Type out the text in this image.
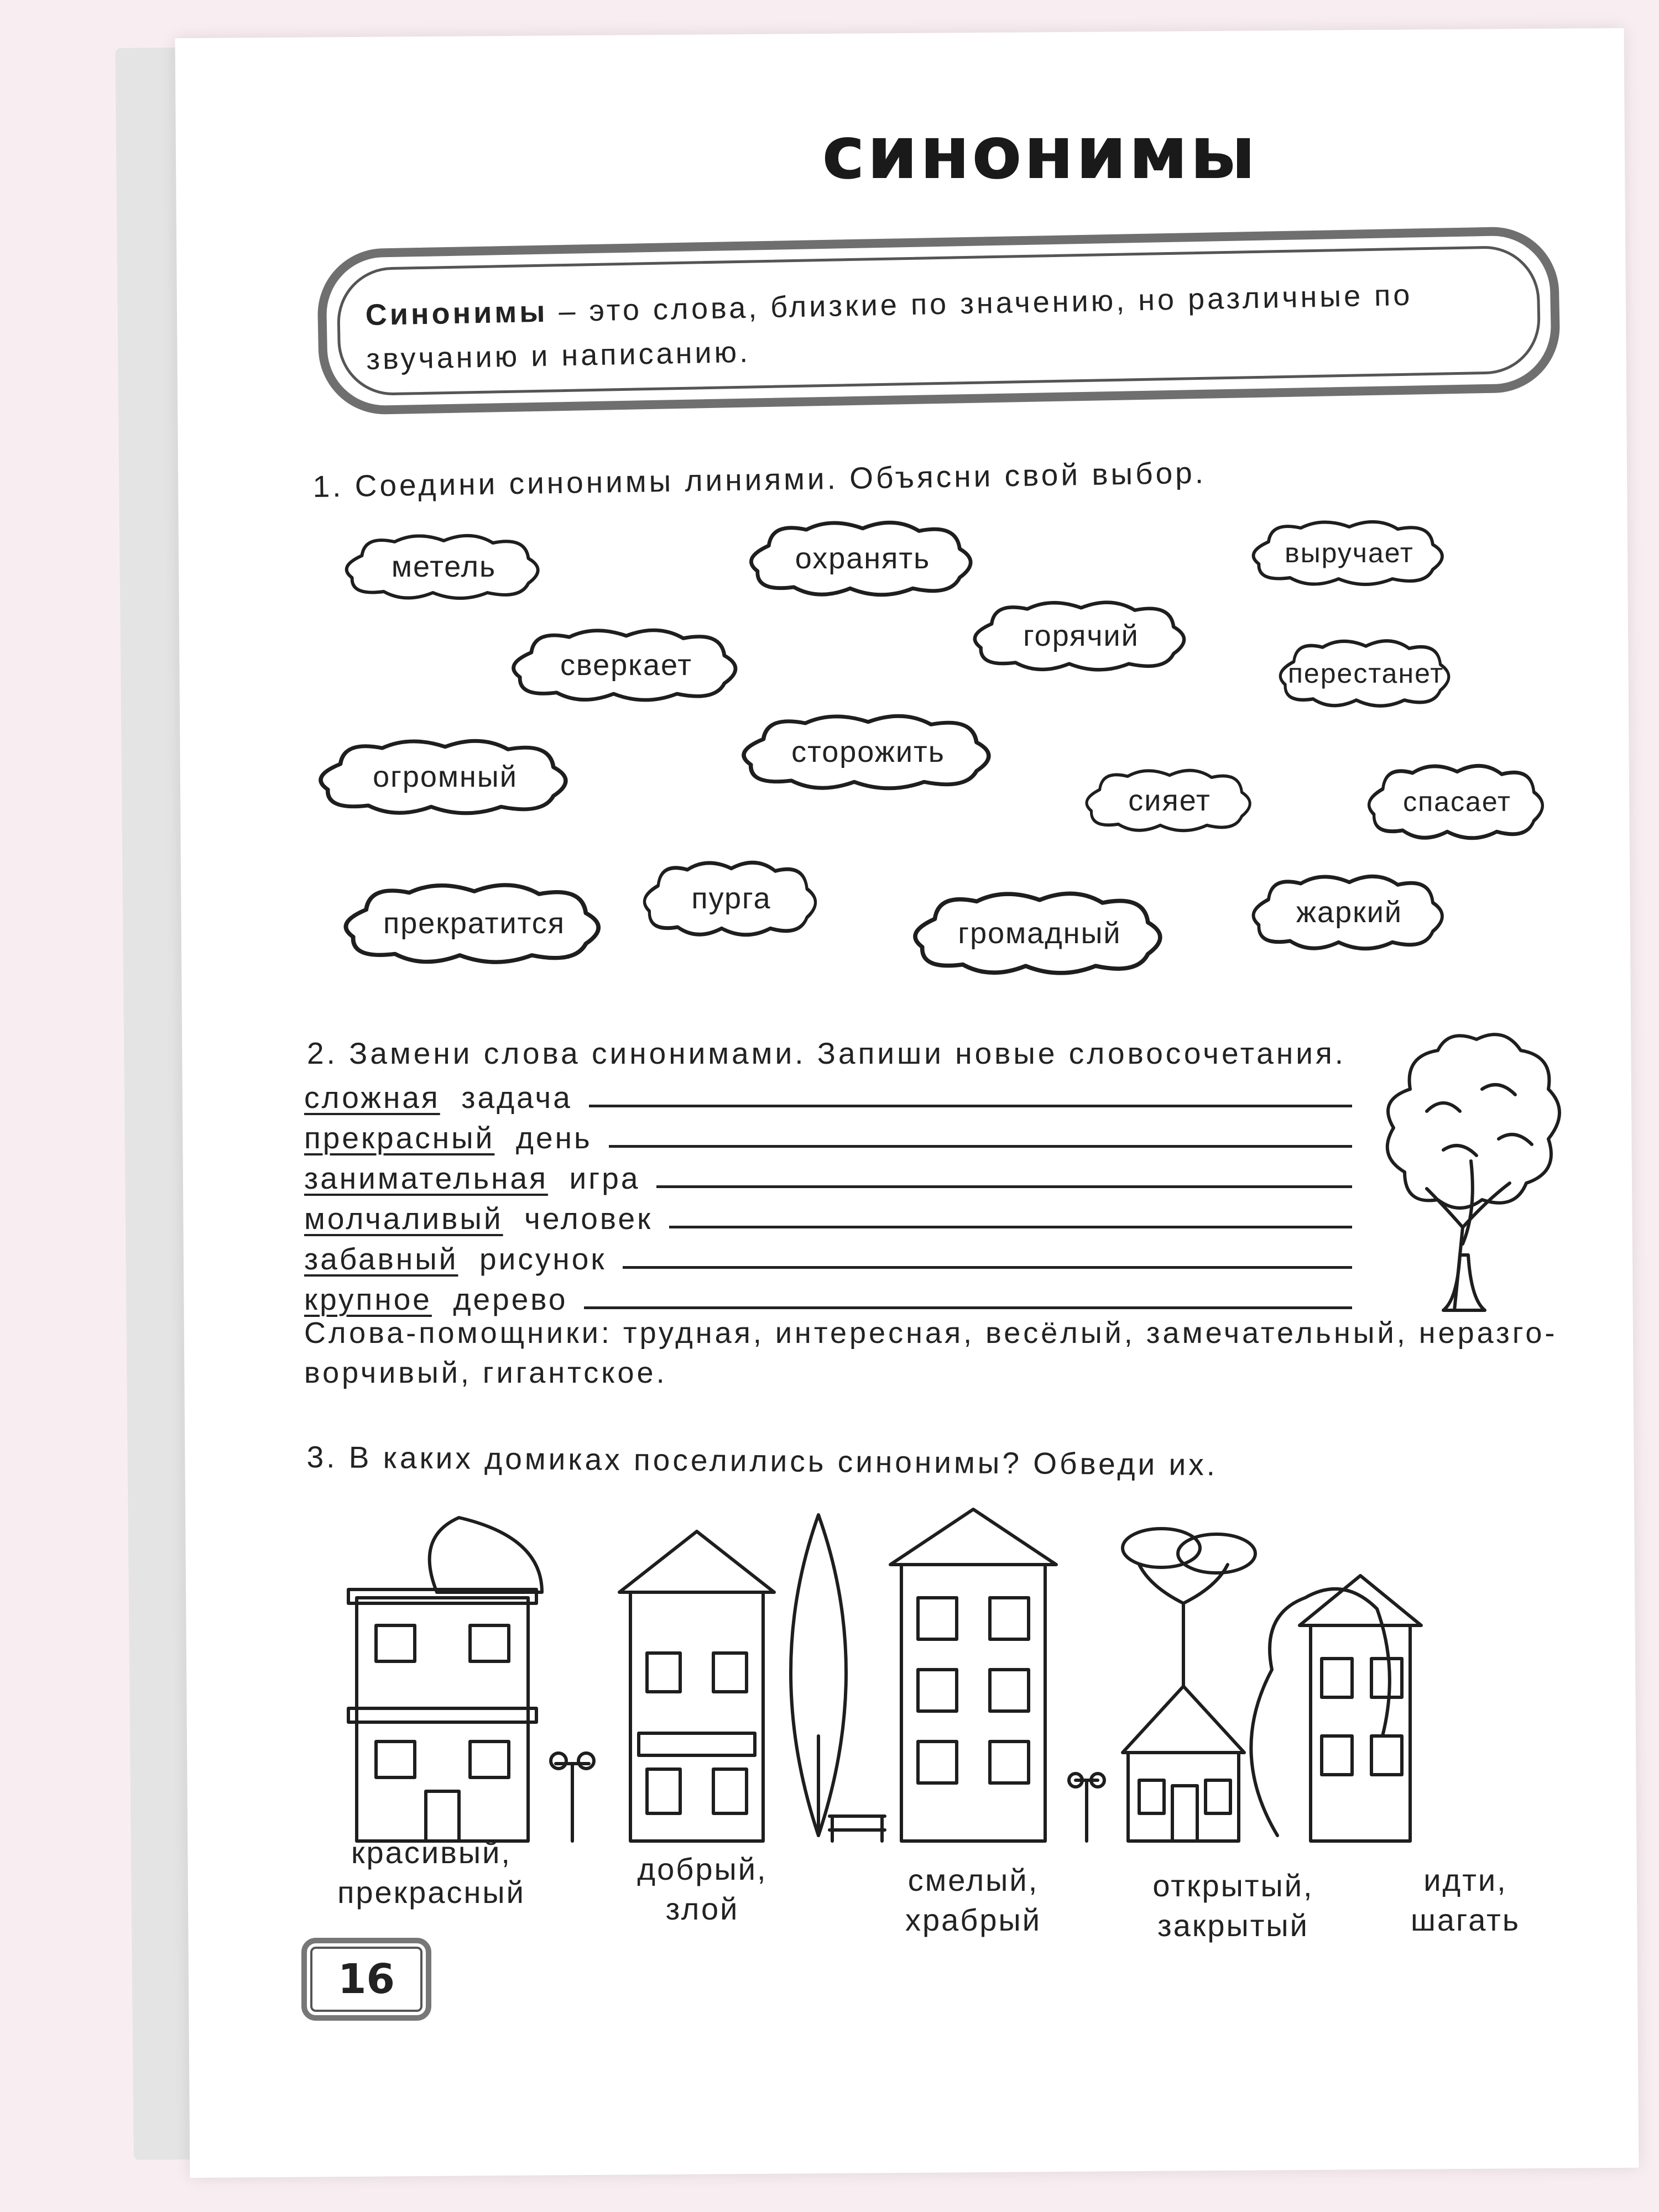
синонимы
Синонимы – это слова, близкие по значению, но различные по звучанию и написанию.
1. Соедини синонимы линиями. Объясни свой выбор.
метель	охранять	выручает
горячий
сверкает	перестанет
огромный
сторожить
сияет	спасает
прекратится
пурга
громадный
жаркий
2. Замени слова синонимами. Запиши новые словосочетания.
сложная
задача
прекрасный
день
занимательная
игра
молчаливый
человек
забавный
рисунок
крупное
дерево
Слова-помощники: трудная, интересная, весёлый, замечательный, неразго-ворчивый, гигантское.
3. В каких домиках поселились синонимы? Обведи их.
красивый,
прекрасный
добрый,
злой
смелый,
храбрый
открытый,
закрытый
идти,
шагать
16
